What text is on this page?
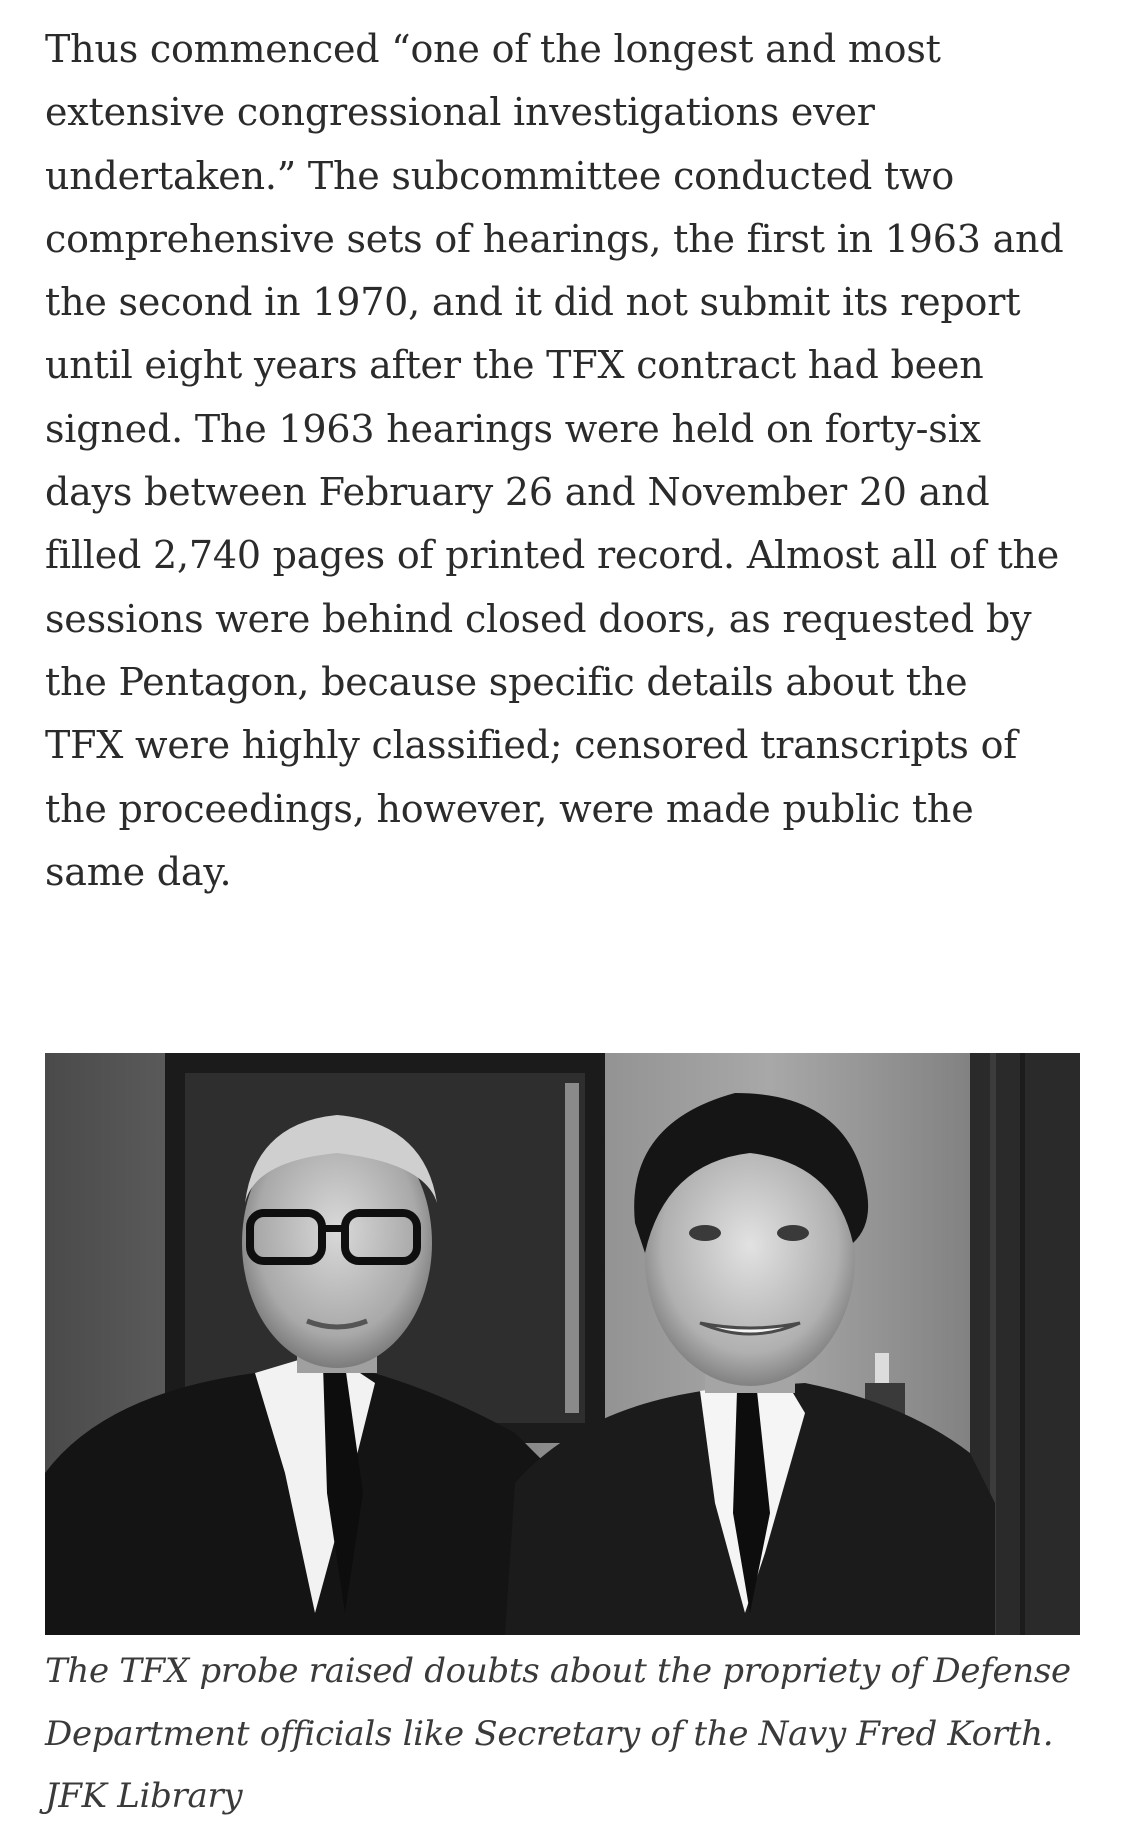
Thus commenced “one of the longest and most
extensive congressional investigations ever
undertaken.” The subcommittee conducted two
comprehensive sets of hearings, the first in 1963 and
the second in 1970, and it did not submit its report
until eight years after the TFX contract had been
signed. The 1963 hearings were held on forty-six
days between February 26 and November 20 and
filled 2,740 pages of printed record. Almost all of the
sessions were behind closed doors, as requested by
the Pentagon, because specific details about the
TFX were highly classified; censored transcripts of
the proceedings, however, were made public the
same day.
The TFX probe raised doubts about the propriety of Defense
Department officials like Secretary of the Navy Fred Korth.
JFK Library
